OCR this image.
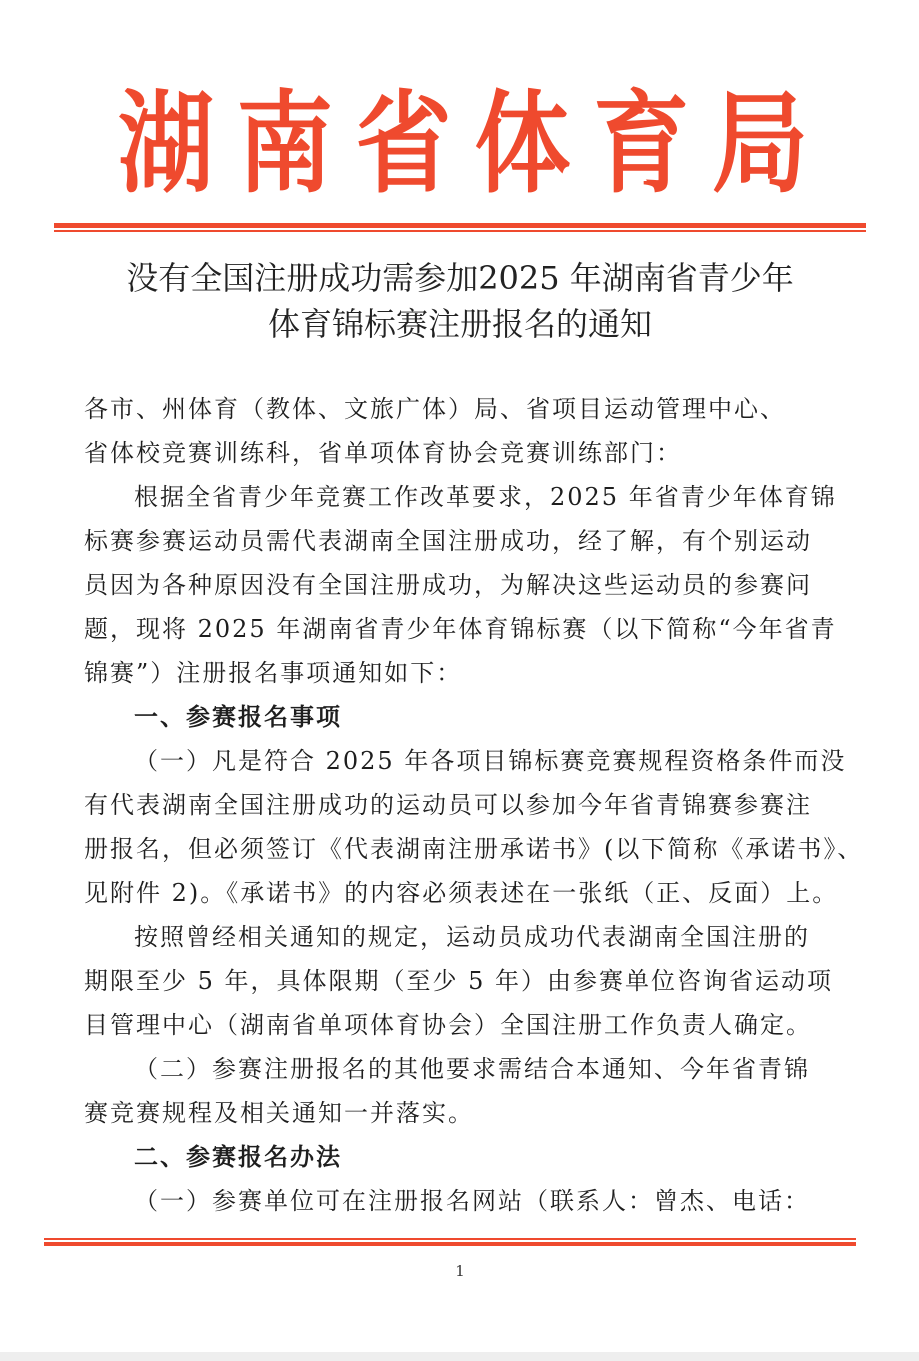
湖 南 省 体 育 局
没有全国注册成功需参加2025 年湖南省青少年
体育锦标赛注册报名的通知
各市、州体育（教体、文旅广体）局、省项目运动管理中心、
省体校竞赛训练科，省单项体育协会竞赛训练部门：
根据全省青少年竞赛工作改革要求，2025 年省青少年体育锦
标赛参赛运动员需代表湖南全国注册成功，经了解，有个别运动
员因为各种原因没有全国注册成功，为解决这些运动员的参赛问
题，现将 2025 年湖南省青少年体育锦标赛（以下简称“今年省青
锦赛”）注册报名事项通知如下：
一、参赛报名事项
（一）凡是符合 2025 年各项目锦标赛竞赛规程资格条件而没
有代表湖南全国注册成功的运动员可以参加今年省青锦赛参赛注
册报名，但必须签订《代表湖南注册承诺书》(以下简称《承诺书》、
见附件 2)。《承诺书》的内容必须表述在一张纸（正、反面）上。
按照曾经相关通知的规定，运动员成功代表湖南全国注册的
期限至少 5 年，具体限期（至少 5 年）由参赛单位咨询省运动项
目管理中心（湖南省单项体育协会）全国注册工作负责人确定。
（二）参赛注册报名的其他要求需结合本通知、今年省青锦
赛竞赛规程及相关通知一并落实。
二、参赛报名办法
（一）参赛单位可在注册报名网站（联系人：曾杰、电话：
1
